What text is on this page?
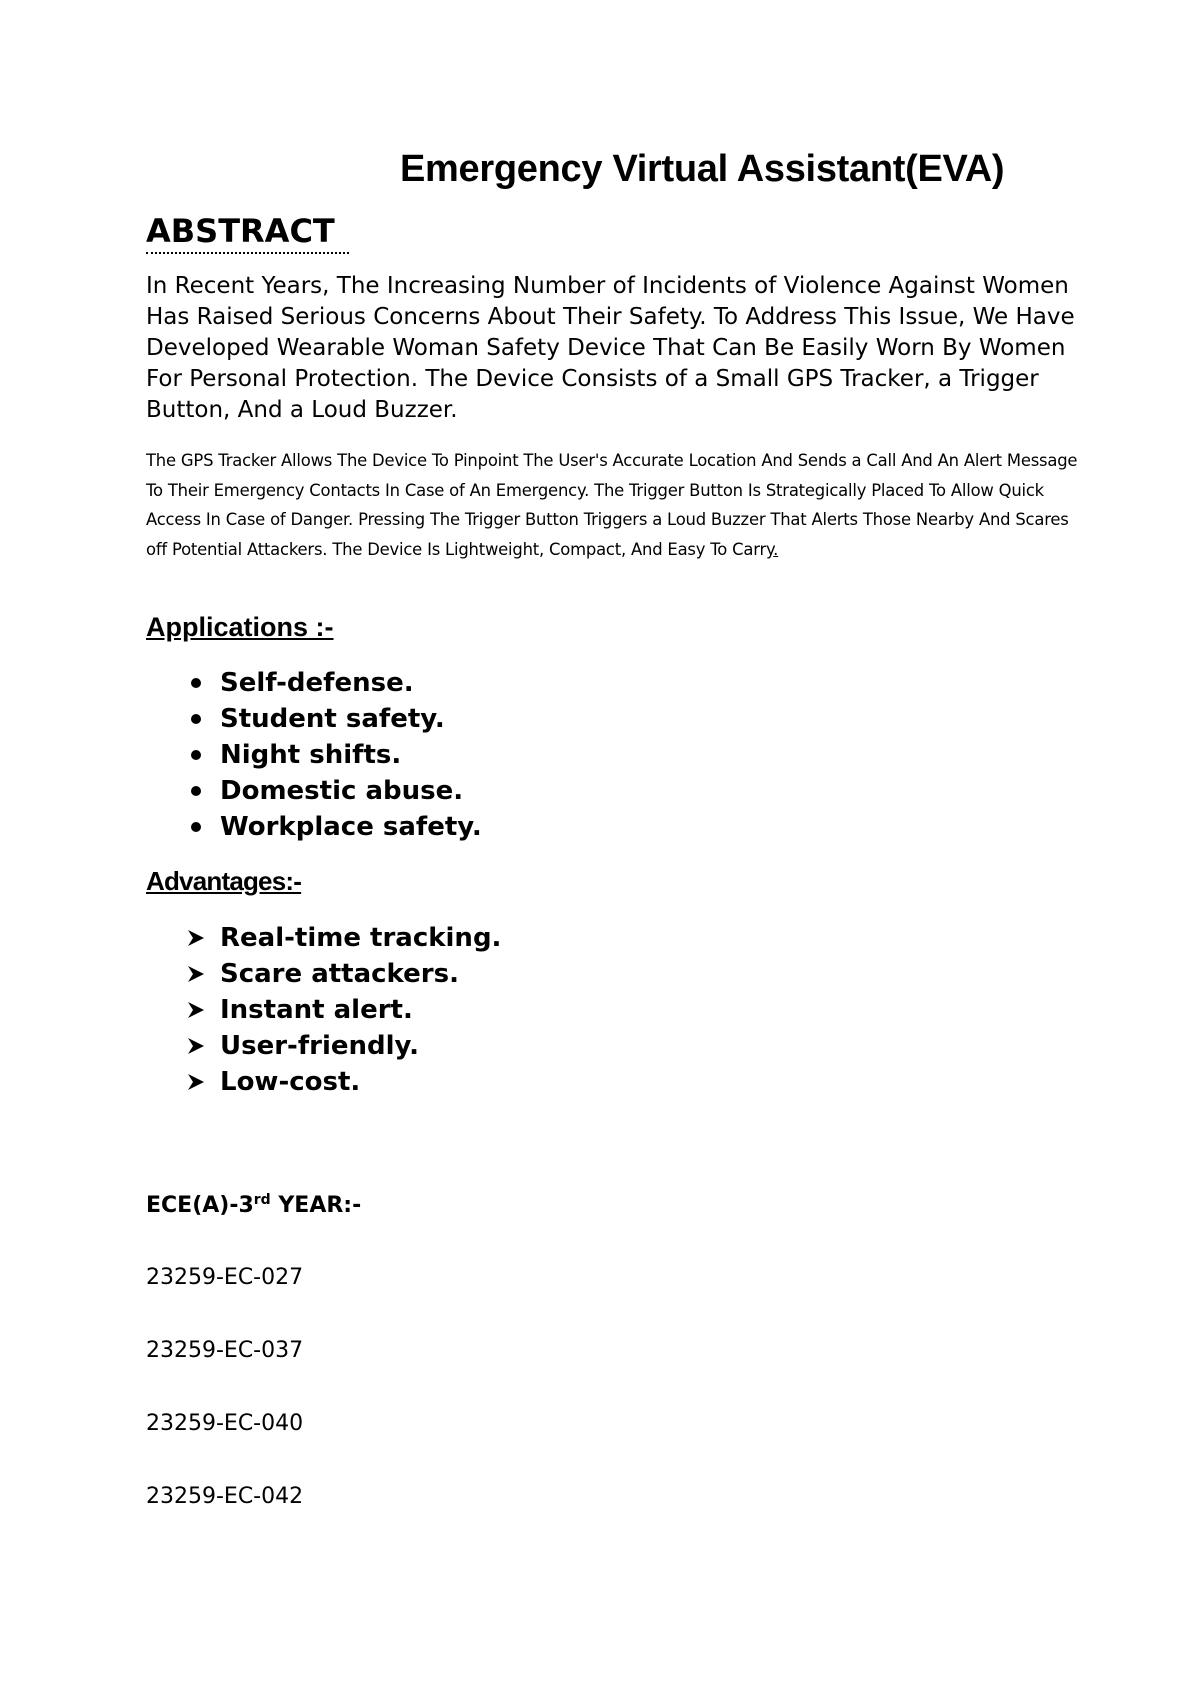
Emergency Virtual Assistant(EVA)
ABSTRACT

In Recent Years, The Increasing Number of Incidents of Violence Against Women Has Raised Serious Concerns About Their Safety. To Address This Issue, We Have Developed Wearable Woman Safety Device That Can Be Easily Worn By Women For Personal Protection. The Device Consists of a Small GPS Tracker, a Trigger Button, And a Loud Buzzer.

The GPS Tracker Allows The Device To Pinpoint The User's Accurate Location And Sends a Call And An Alert Message To Their Emergency Contacts In Case of An Emergency. The Trigger Button Is Strategically Placed To Allow Quick Access In Case of Danger. Pressing The Trigger Button Triggers a Loud Buzzer That Alerts Those Nearby And Scares off Potential Attackers. The Device Is Lightweight, Compact, And Easy To Carry.

Applications :-
Self-defense.
Student safety.
Night shifts.
Domestic abuse.
Workplace safety.
Advantages:-
Real-time tracking.
Scare attackers.
Instant alert.
User-friendly.
Low-cost.

ECE(A)-3rd YEAR:-

23259-EC-027

23259-EC-037

23259-EC-040

23259-EC-042
